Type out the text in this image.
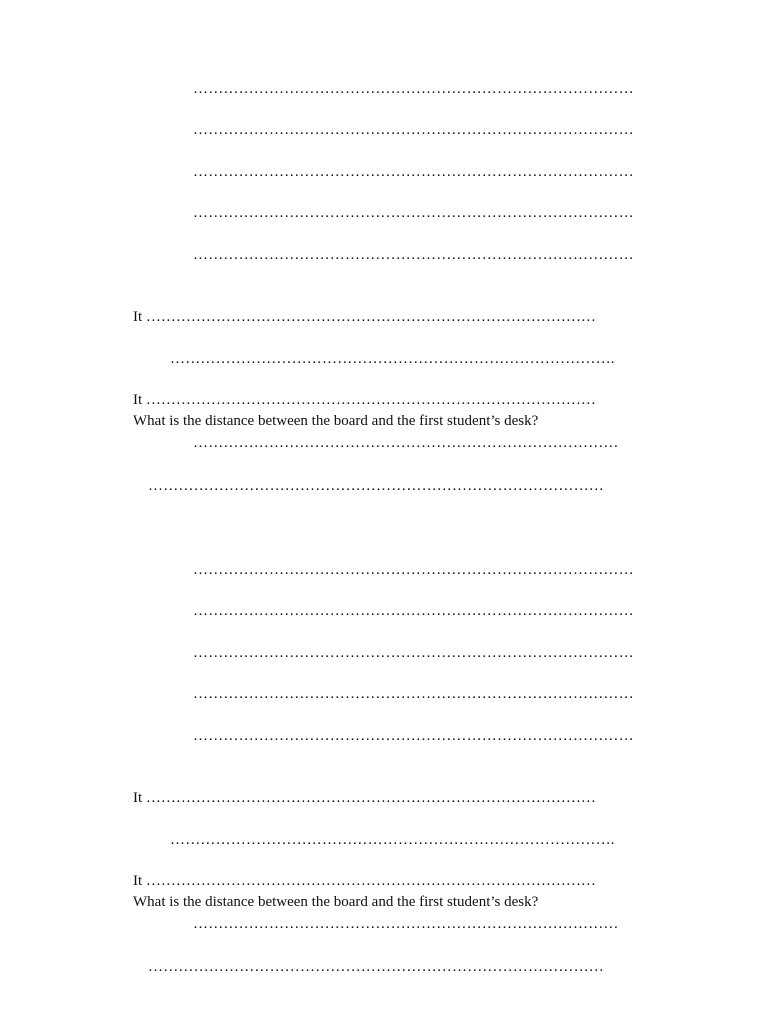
……………………………………………………………………………
……………………………………………………………………………
……………………………………………………………………………
……………………………………………………………………………
……………………………………………………………………………
It ………………………………………………………………………………
…………………………………………………………………………….
It ………………………………………………………………………………
What is the distance between the board and the first student’s desk?
…………………………………………………………………………
………………………………………………………………………………
……………………………………………………………………………
……………………………………………………………………………
……………………………………………………………………………
……………………………………………………………………………
……………………………………………………………………………
It ………………………………………………………………………………
…………………………………………………………………………….
It ………………………………………………………………………………
What is the distance between the board and the first student’s desk?
…………………………………………………………………………
………………………………………………………………………………
